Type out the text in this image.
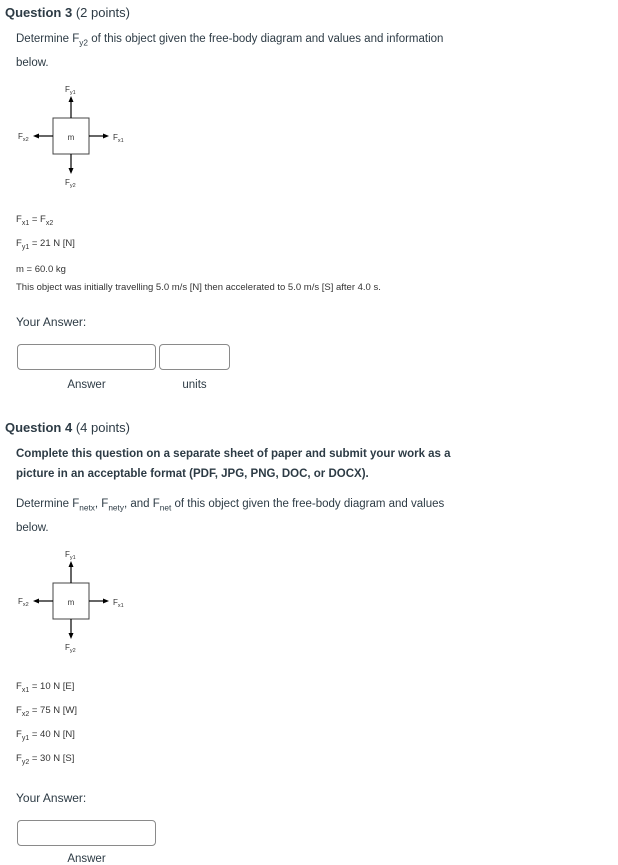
Question 3 (2 points)
Determine $F_{y2}$ of this object given the free-body diagram and values and information
below.
m
$F_{y1}$
$F_{x2}$	$F_{x1}$
$F_{y2}$
$F_{x1} = F_{x2}$
$F_{y1} = 21$ N [N]
m = 60.0 kg
This object was initially travelling 5.0 m/s [N] then accelerated to 5.0 m/s [S] after 4.0 s.
Your Answer:
Answer	units
Question 4 (4 points)
Complete this question on a separate sheet of paper and submit your work as a
picture in an acceptable format (PDF, JPG, PNG, DOC, or DOCX).
Determine $F_{netx}$, $F_{nety}$, and $F_{net}$ of this object given the free-body diagram and values
below.
m
$F_{y1}$
$F_{x2}$	$F_{x1}$
$F_{y2}$
$F_{x1} = 10$ N [E]
$F_{x2} = 75$ N [W]
$F_{y1} = 40$ N [N]
$F_{y2} = 30$ N [S]
Your Answer:
Answer
